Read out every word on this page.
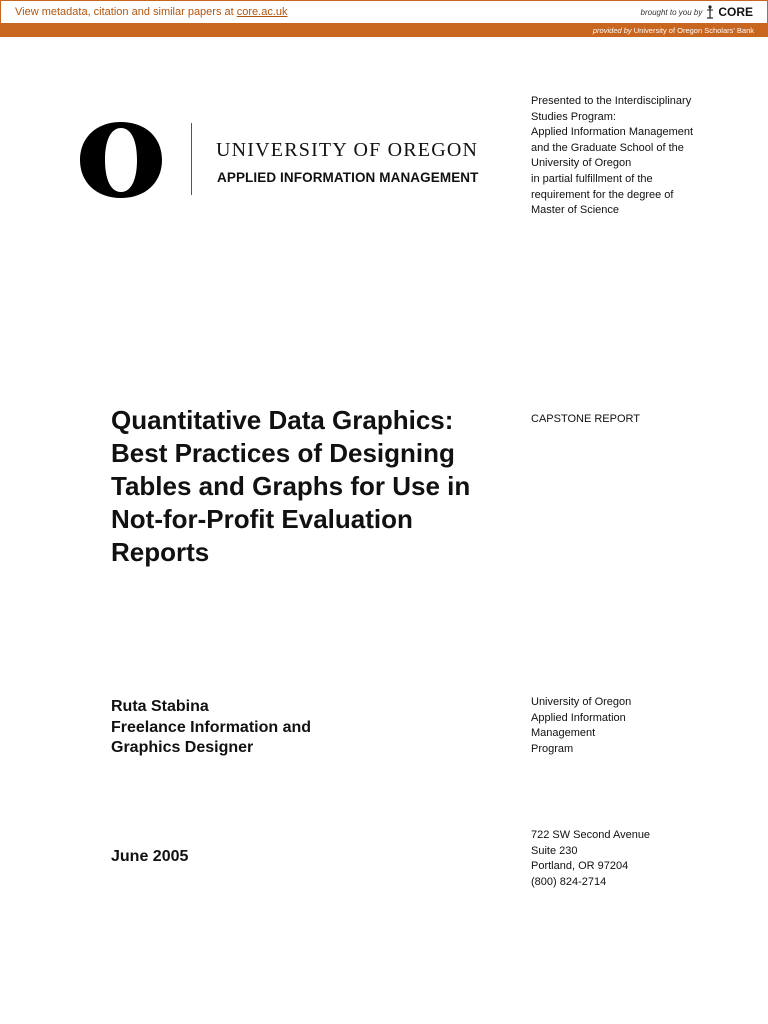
View metadata, citation and similar papers at core.ac.uk	brought to you by CORE
provided by University of Oregon Scholars' Bank
UNIVERSITY OF OREGON
APPLIED INFORMATION MANAGEMENT
Presented to the Interdisciplinary
Studies Program:
Applied Information Management
and the Graduate School of the
University of Oregon
in partial fulfillment of the
requirement for the degree of
Master of Science
Quantitative Data Graphics:
Best Practices of Designing
Tables and Graphs for Use in
Not-for-Profit Evaluation
Reports
CAPSTONE REPORT
Ruta Stabina
Freelance Information and
Graphics Designer
University of Oregon
Applied Information
Management
Program
June 2005
722 SW Second Avenue
Suite 230
Portland, OR 97204
(800) 824-2714
